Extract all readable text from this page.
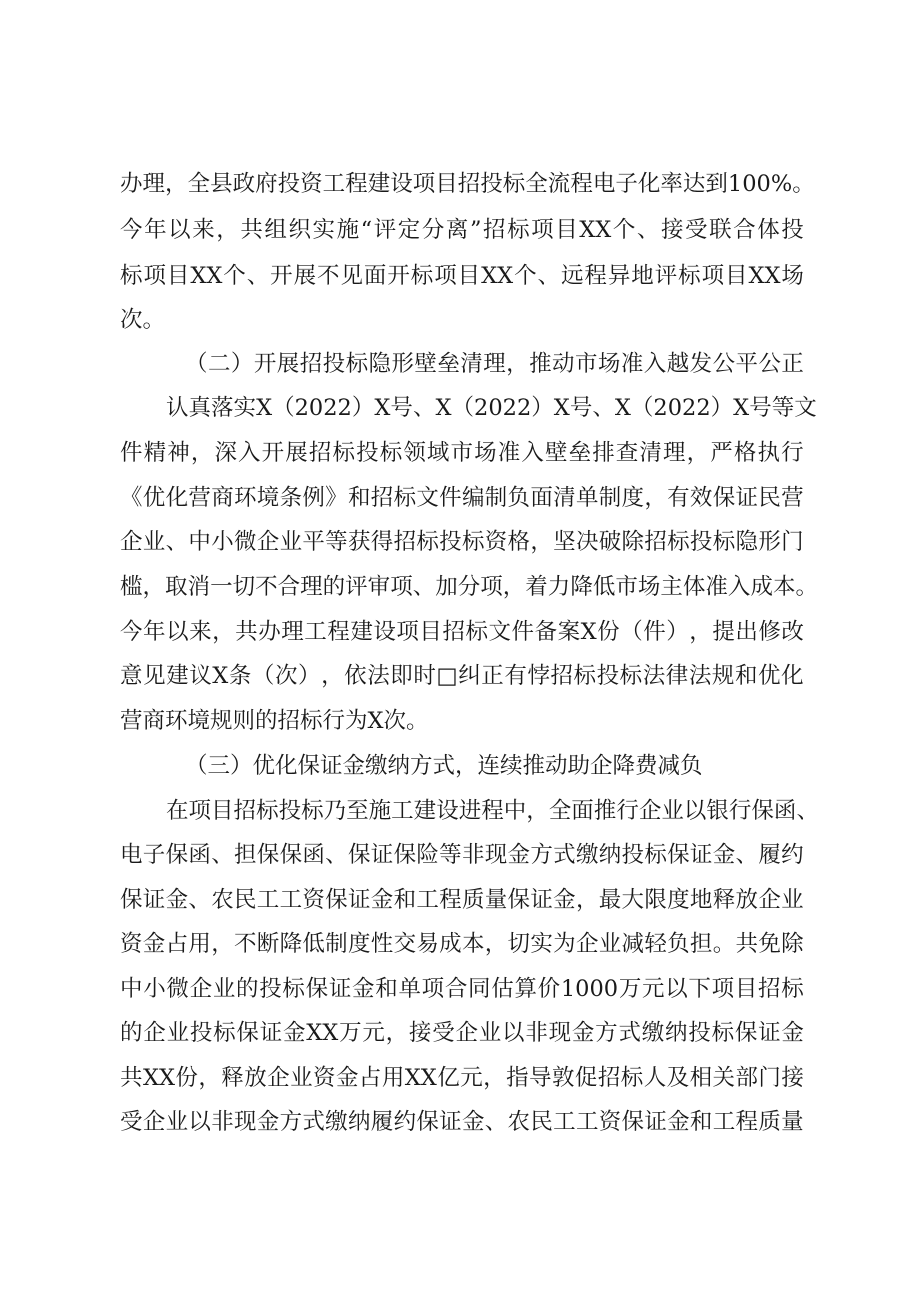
办 理 ， 全 县 政 府 投 资 工 程 建 设 项 目 招 投 标 全 流 程 电 子 化 率 达 到 100% 。
今 年 以 来 ， 共 组 织 实 施 “ 评 定 分 离 ” 招 标 项 目 XX 个 、 接 受 联 合 体 投
标 项 目 XX 个 、 开 展 不 见 面 开 标 项 目 XX 个 、 远 程 异 地 评 标 项 目 XX 场
次。
（ 二 ） 开 展 招 投 标 隐 形 壁 垒 清 理 ， 推 动 市 场 准 入 越 发 公 平 公 正
认 真 落 实 X （ 2022 ） X 号 、 X （ 2022 ） X 号 、 X （ 2022 ） X 号 等 文
件 精 神 ， 深 入 开 展 招 标 投 标 领 域 市 场 准 入 壁 垒 排 查 清 理 ， 严 格 执 行
《 优 化 营 商 环 境 条 例 》 和 招 标 文 件 编 制 负 面 清 单 制 度 ， 有 效 保 证 民 营
企 业 、 中 小 微 企 业 平 等 获 得 招 标 投 标 资 格 ， 坚 决 破 除 招 标 投 标 隐 形 门
槛 ， 取 消 一 切 不 合 理 的 评 审 项 、 加 分 项 ， 着 力 降 低 市 场 主 体 准 入 成 本 。
今 年 以 来 ， 共 办 理 工 程 建 设 项 目 招 标 文 件 备 案 X 份 （ 件 ） ， 提 出 修 改
意 见 建 议 X 条 （ 次 ） ， 依 法 即 时 □ 纠 正 有 悖 招 标 投 标 法 律 法 规 和 优 化
营商环境规则的招标行为X次。
（三）优化保证金缴纳方式，连续推动助企降费减负
在 项 目 招 标 投 标 乃 至 施 工 建 设 进 程 中 ， 全 面 推 行 企 业 以 银 行 保 函 、
电 子 保 函 、 担 保 保 函 、 保 证 保 险 等 非 现 金 方 式 缴 纳 投 标 保 证 金 、 履 约
保 证 金 、 农 民 工 工 资 保 证 金 和 工 程 质 量 保 证 金 ， 最 大 限 度 地 释 放 企 业
资 金 占 用 ， 不 断 降 低 制 度 性 交 易 成 本 ， 切 实 为 企 业 减 轻 负 担 。 共 免 除
中 小 微 企 业 的 投 标 保 证 金 和 单 项 合 同 估 算 价 1000 万 元 以 下 项 目 招 标
的 企 业 投 标 保 证 金 XX 万 元 ， 接 受 企 业 以 非 现 金 方 式 缴 纳 投 标 保 证 金
共 XX 份 ， 释 放 企 业 资 金 占 用 XX 亿 元 ， 指 导 敦 促 招 标 人 及 相 关 部 门 接
受 企 业 以 非 现 金 方 式 缴 纳 履 约 保 证 金 、 农 民 工 工 资 保 证 金 和 工 程 质 量
